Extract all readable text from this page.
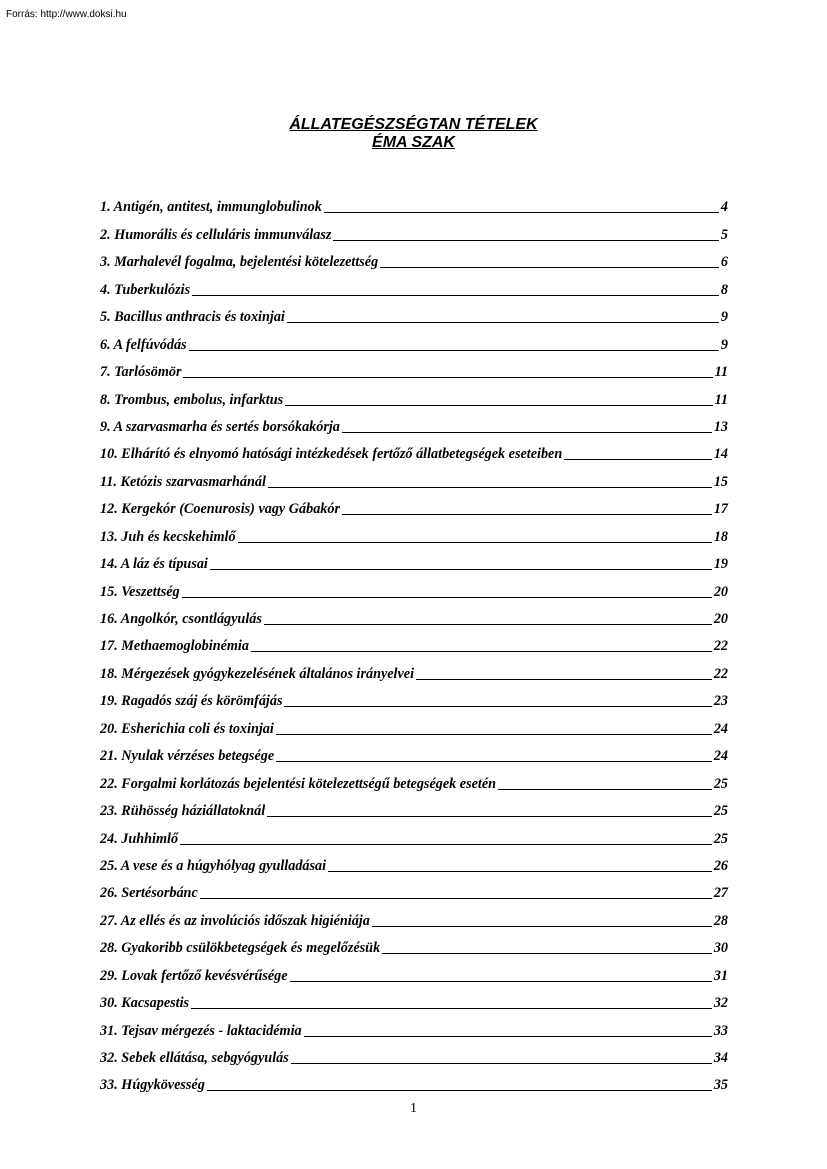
Forrás: http://www.doksi.hu
ÁLLATEGÉSZSÉGTAN TÉTELEK
ÉMA SZAK
1. Antigén, antitest, immunglobulinok	4
2. Humorális és celluláris immunválasz	5
3. Marhalevél fogalma, bejelentési kötelezettség	6
4. Tuberkulózis	8
5. Bacillus anthracis és toxinjai	9
6. A felfúvódás	9
7. Tarlósömör	11
8. Trombus, embolus, infarktus	11
9. A szarvasmarha és sertés borsókakórja	13
10. Elhárító és elnyomó hatósági intézkedések fertőző állatbetegségek eseteiben	14
11. Ketózis szarvasmarhánál	15
12. Kergekór (Coenurosis) vagy Gábakór	17
13. Juh és kecskehimlő	18
14. A láz és típusai	19
15. Veszettség	20
16. Angolkór, csontlágyulás	20
17. Methaemoglobinémia	22
18. Mérgezések gyógykezelésének általános irányelvei	22
19. Ragadós száj és körömfájás	23
20. Esherichia coli és toxinjai	24
21. Nyulak vérzéses betegsége	24
22. Forgalmi korlátozás bejelentési kötelezettségű betegségek esetén	25
23. Rühösség háziállatoknál	25
24. Juhhimlő	25
25. A vese és a húgyhólyag gyulladásai	26
26. Sertésorbánc	27
27. Az ellés és az involúciós időszak higiéniája	28
28. Gyakoribb csülökbetegségek és megelőzésük	30
29. Lovak fertőző kevésvérűsége	31
30. Kacsapestis	32
31. Tejsav mérgezés - laktacidémia	33
32. Sebek ellátása, sebgyógyulás	34
33. Húgykövesség	35
1
